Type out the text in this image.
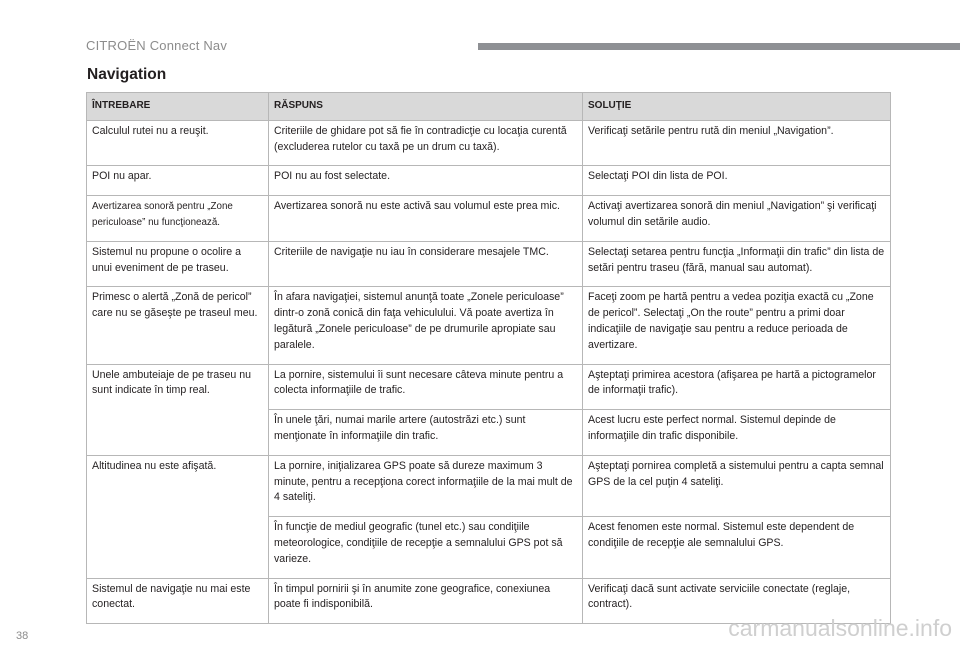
CITROËN Connect Nav
Navigation
ÎNTREBARE	RĂSPUNS	SOLUŢIE
Calculul rutei nu a reuşit.	Criteriile de ghidare pot să fie în contradicţie cu locaţia curentă (excluderea rutelor cu taxă pe un drum cu taxă).	Verificaţi setările pentru rută din meniul „Navigation”.
POI nu apar.	POI nu au fost selectate.	Selectaţi POI din lista de POI.
Avertizarea sonoră pentru „Zone periculoase” nu funcţionează.	Avertizarea sonoră nu este activă sau volumul este prea mic.	Activaţi avertizarea sonoră din meniul „Navigation” şi verificaţi volumul din setările audio.
Sistemul nu propune o ocolire a unui eveniment de pe traseu.	Criteriile de navigaţie nu iau în considerare mesajele TMC.	Selectaţi setarea pentru funcţia „Informaţii din trafic” din lista de setări pentru traseu (fără, manual sau automat).
Primesc o alertă „Zonă de pericol” care nu se găseşte pe traseul meu.	În afara navigaţiei, sistemul anunţă toate „Zonele periculoase” dintr-o zonă conică din faţa vehiculului. Vă poate avertiza în legătură „Zonele periculoase” de pe drumurile apropiate sau paralele.	Faceţi zoom pe hartă pentru a vedea poziţia exactă cu „Zone de pericol”. Selectaţi „On the route” pentru a primi doar indicaţiile de navigaţie sau pentru a reduce perioada de avertizare.
Unele ambuteiaje de pe traseu nu sunt indicate în timp real.	La pornire, sistemului îi sunt necesare câteva minute pentru a colecta informaţiile de trafic.	Aşteptaţi primirea acestora (afişarea pe hartă a pictogramelor de informaţii trafic).
	În unele ţări, numai marile artere (autostrăzi etc.) sunt menţionate în informaţiile din trafic.	Acest lucru este perfect normal. Sistemul depinde de informaţiile din trafic disponibile.
Altitudinea nu este afişată.	La pornire, iniţializarea GPS poate să dureze maximum 3 minute, pentru a recepţiona corect informaţiile de la mai mult de 4 sateliţi.	Aşteptaţi pornirea completă a sistemului pentru a capta semnal GPS de la cel puţin 4 sateliţi.
	În funcţie de mediul geografic (tunel etc.) sau condiţiile meteorologice, condiţiile de recepţie a semnalului GPS pot să varieze.	Acest fenomen este normal. Sistemul este dependent de condiţiile de recepţie ale semnalului GPS.
Sistemul de navigaţie nu mai este conectat.	În timpul pornirii şi în anumite zone geografice, conexiunea poate fi indisponibilă.	Verificaţi dacă sunt activate serviciile conectate (reglaje, contract).
38	carmanualsonline.info
